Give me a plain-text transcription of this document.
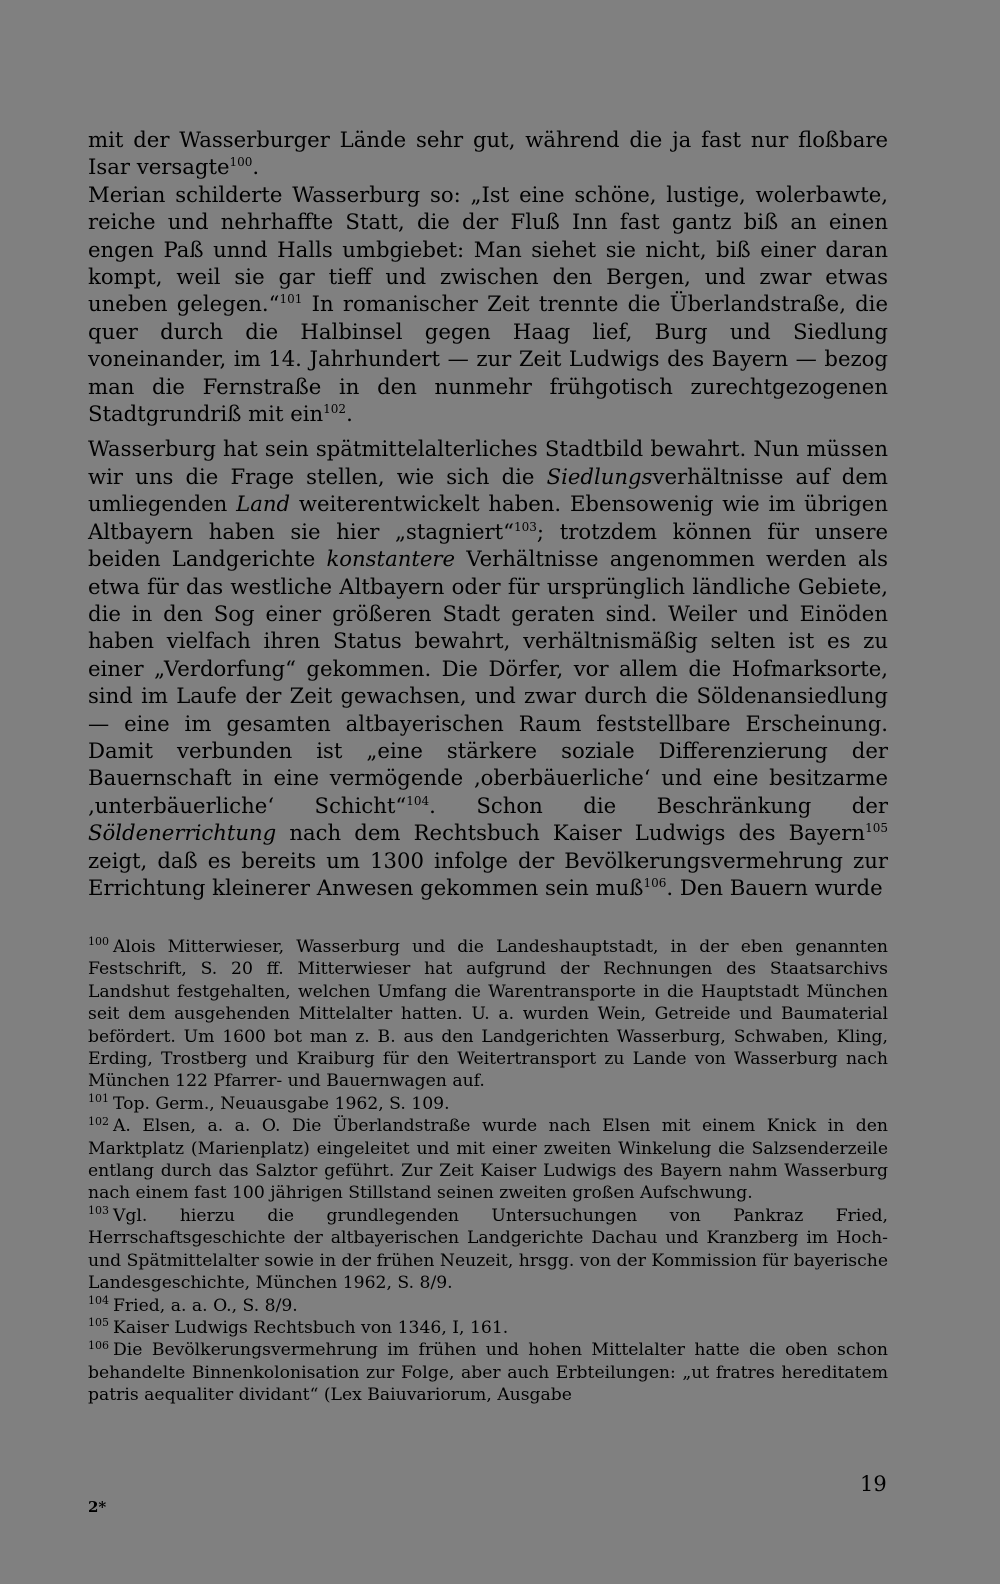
mit der Wasserburger Lände sehr gut, während die ja fast nur floßbare Isar versagte$^{100}$.

Merian schilderte Wasserburg so: „Ist eine schöne, lustige, wolerbawte, reiche und nehrhaffte Statt, die der Fluß Inn fast gantz biß an einen engen Paß unnd Halls umbgiebet: Man siehet sie nicht, biß einer daran kompt, weil sie gar tieff und zwischen den Bergen, und zwar etwas uneben gelegen.“$^{101}$ In romanischer Zeit trennte die Überlandstraße, die quer durch die Halbinsel gegen Haag lief, Burg und Siedlung voneinander, im 14. Jahrhundert — zur Zeit Ludwigs des Bayern — bezog man die Fernstraße in den nunmehr frühgotisch zurechtgezogenen Stadtgrundriß mit ein$^{102}$.

Wasserburg hat sein spätmittelalterliches Stadtbild bewahrt. Nun müssen wir uns die Frage stellen, wie sich die Siedlungsverhältnisse auf dem umliegenden Land weiterentwickelt haben. Ebensowenig wie im übrigen Altbayern haben sie hier „stagniert“$^{103}$; trotzdem können für unsere beiden Landgerichte konstantere Verhältnisse angenommen werden als etwa für das westliche Altbayern oder für ursprünglich ländliche Gebiete, die in den Sog einer größeren Stadt geraten sind. Weiler und Einöden haben vielfach ihren Status bewahrt, verhältnismäßig selten ist es zu einer „Verdorfung“ gekommen. Die Dörfer, vor allem die Hofmarksorte, sind im Laufe der Zeit gewachsen, und zwar durch die Söldenansiedlung — eine im gesamten altbayerischen Raum feststellbare Erscheinung. Damit verbunden ist „eine stärkere soziale Differenzierung der Bauernschaft in eine vermögende ‚oberbäuerliche‘ und eine besitzarme ‚unterbäuerliche‘ Schicht“$^{104}$. Schon die Beschränkung der Söldenerrichtung nach dem Rechtsbuch Kaiser Ludwigs des Bayern$^{105}$ zeigt, daß es bereits um 1300 infolge der Bevölkerungsvermehrung zur Errichtung kleinerer Anwesen gekommen sein muß$^{106}$. Den Bauern wurde

$^{100}$ Alois Mitterwieser, Wasserburg und die Landeshauptstadt, in der eben genannten Festschrift, S. 20 ff. Mitterwieser hat aufgrund der Rechnungen des Staatsarchivs Landshut festgehalten, welchen Umfang die Warentransporte in die Hauptstadt München seit dem ausgehenden Mittelalter hatten. U. a. wurden Wein, Getreide und Baumaterial befördert. Um 1600 bot man z. B. aus den Landgerichten Wasserburg, Schwaben, Kling, Erding, Trostberg und Kraiburg für den Weitertransport zu Lande von Wasserburg nach München 122 Pfarrer- und Bauernwagen auf.

$^{101}$ Top. Germ., Neuausgabe 1962, S. 109.

$^{102}$ A. Elsen, a. a. O. Die Überlandstraße wurde nach Elsen mit einem Knick in den Marktplatz (Marienplatz) eingeleitet und mit einer zweiten Winkelung die Salzsenderzeile entlang durch das Salztor geführt. Zur Zeit Kaiser Ludwigs des Bayern nahm Wasserburg nach einem fast 100 jährigen Stillstand seinen zweiten großen Aufschwung.

$^{103}$ Vgl. hierzu die grundlegenden Untersuchungen von Pankraz Fried, Herrschaftsgeschichte der altbayerischen Landgerichte Dachau und Kranzberg im Hoch- und Spätmittelalter sowie in der frühen Neuzeit, hrsgg. von der Kommission für bayerische Landesgeschichte, München 1962, S. 8/9.

$^{104}$ Fried, a. a. O., S. 8/9.

$^{105}$ Kaiser Ludwigs Rechtsbuch von 1346, I, 161.

$^{106}$ Die Bevölkerungsvermehrung im frühen und hohen Mittelalter hatte die oben schon behandelte Binnenkolonisation zur Folge, aber auch Erbteilungen: „ut fratres hereditatem patris aequaliter dividant“ (Lex Baiuvariorum, Ausgabe

19
2*
